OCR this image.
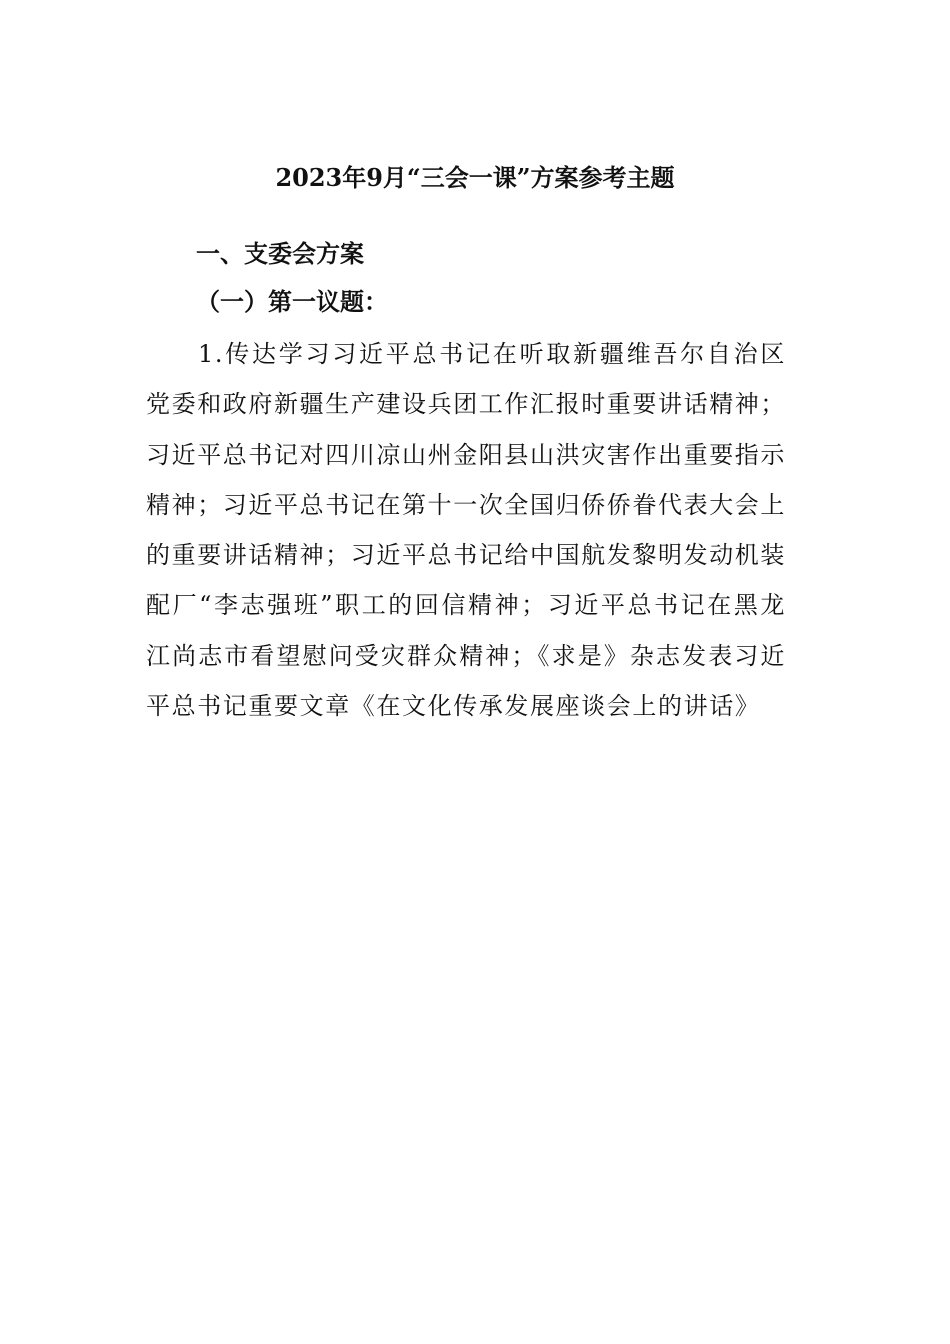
2023年9月“三会一课”方案参考主题
一、支委会方案
（一）第一议题：
1.传达学习习近平总书记在听取新疆维吾尔自治区党委和政府新疆生产建设兵团工作汇报时重要讲话精神；习近平总书记对四川凉山州金阳县山洪灾害作出重要指示精神；习近平总书记在第十一次全国归侨侨眷代表大会上的重要讲话精神；习近平总书记给中国航发黎明发动机装配厂“李志强班”职工的回信精神；习近平总书记在黑龙江尚志市看望慰问受灾群众精神；《求是》杂志发表习近平总书记重要文章《在文化传承发展座谈会上的讲话》
